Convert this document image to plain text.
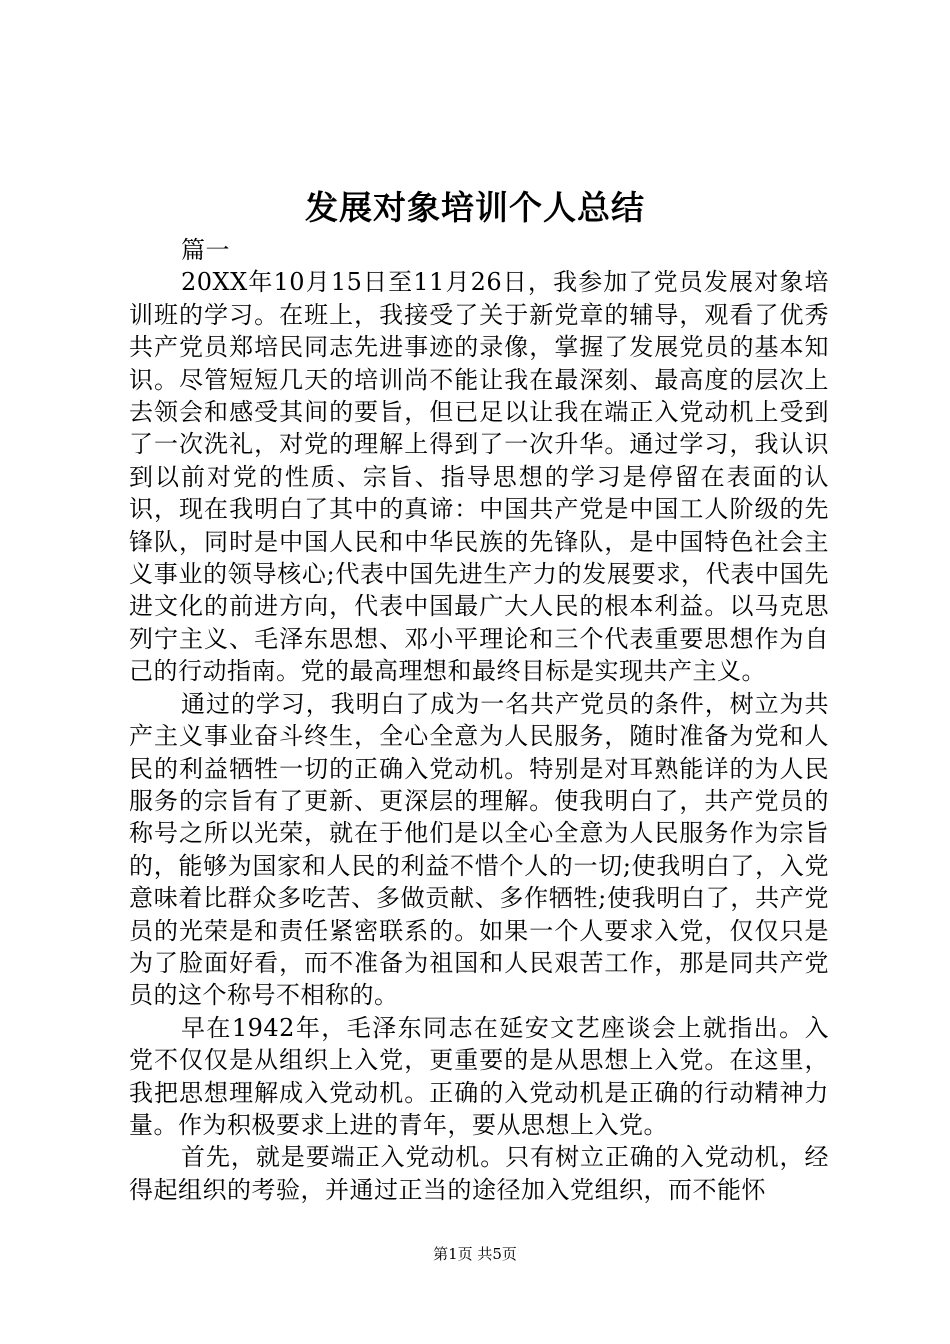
发展对象培训个人总结

篇一

20XX年10月15日至11月26日，我参加了党员发展对象培训班的学习。在班上，我接受了关于新党章的辅导，观看了优秀共产党员郑培民同志先进事迹的录像，掌握了发展党员的基本知识。尽管短短几天的培训尚不能让我在最深刻、最高度的层次上去领会和感受其间的要旨，但已足以让我在端正入党动机上受到了一次洗礼，对党的理解上得到了一次升华。通过学习，我认识到以前对党的性质、宗旨、指导思想的学习是停留在表面的认识，现在我明白了其中的真谛：中国共产党是中国工人阶级的先锋队，同时是中国人民和中华民族的先锋队，是中国特色社会主义事业的领导核心;代表中国先进生产力的发展要求，代表中国先进文化的前进方向，代表中国最广大人民的根本利益。以马克思列宁主义、毛泽东思想、邓小平理论和三个代表重要思想作为自己的行动指南。党的最高理想和最终目标是实现共产主义。

通过的学习，我明白了成为一名共产党员的条件，树立为共产主义事业奋斗终生，全心全意为人民服务，随时准备为党和人民的利益牺牲一切的正确入党动机。特别是对耳熟能详的为人民服务的宗旨有了更新、更深层的理解。使我明白了，共产党员的称号之所以光荣，就在于他们是以全心全意为人民服务作为宗旨的，能够为国家和人民的利益不惜个人的一切;使我明白了，入党意味着比群众多吃苦、多做贡献、多作牺牲;使我明白了，共产党员的光荣是和责任紧密联系的。如果一个人要求入党，仅仅只是为了脸面好看，而不准备为祖国和人民艰苦工作，那是同共产党员的这个称号不相称的。

早在1942年，毛泽东同志在延安文艺座谈会上就指出。入党不仅仅是从组织上入党，更重要的是从思想上入党。在这里，我把思想理解成入党动机。正确的入党动机是正确的行动精神力量。作为积极要求上进的青年，要从思想上入党。

首先，就是要端正入党动机。只有树立正确的入党动机，经得起组织的考验，并通过正当的途径加入党组织，而不能怀

第1页 共5页
